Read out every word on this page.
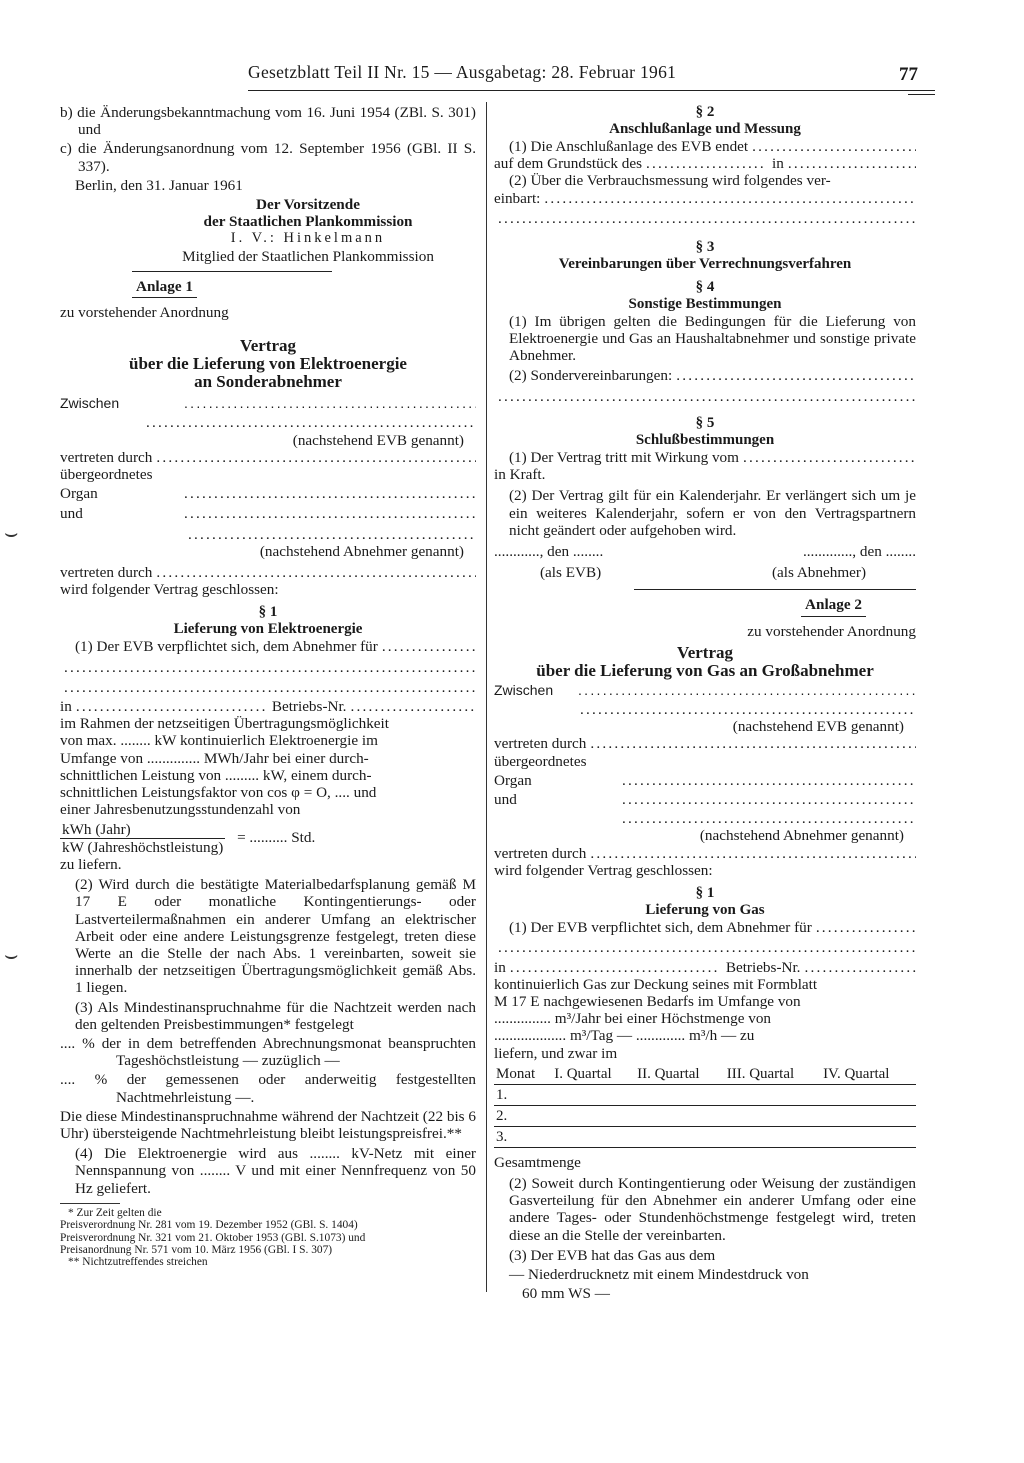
Gesetzblatt Teil II Nr. 15 — Ausgabetag: 28. Februar 1961	77
⌣
⌣
b) die Änderungsbekanntmachung vom 16. Juni 1954 (ZBl. S. 301) und
c) die Änderungsanordnung vom 12. September 1956 (GBl. II S. 337).
Berlin, den 31. Januar 1961
Der Vorsitzende
der Staatlichen Plankommission
I. V.: Hinkelmann
Mitglied der Staatlichen Plankommission
Anlage 1
zu vorstehender Anordnung
Vertrag
über die Lieferung von Elektroenergie
an Sonderabnehmer
Zwischen
. . .
. . .
(nachstehend EVB genannt)
vertreten durch
. . .
übergeordnetes
Organ
. . .
und
. . .
. . .
(nachstehend Abnehmer genannt)
vertreten durch
. . .
wird folgender Vertrag geschlossen:
§ 1
Lieferung von Elektroenergie
(1) Der EVB verpflichtet sich, dem Abnehmer für
. . .
. . .
. . .
in . . .	Betriebs-Nr.
. . .
im Rahmen der netzseitigen Übertragungsmöglichkeit
von max. ........ kW kontinuierlich Elektroenergie im
Umfange von .............. MWh/Jahr bei einer durch-
schnittlichen Leistung von ......... kW, einem durch-
schnittlichen Leistungsfaktor von cos φ = O, .... und
einer Jahresbenutzungsstundenzahl von
$\frac{\text{kWh (Jahr)}}{\text{kW (Jahreshöchstleistung)}}$ = .......... Std.
zu liefern.
(2) Wird durch die bestätigte Materialbedarfsplanung gemäß M 17 E oder monatliche Kontingentierungs- oder Lastverteilermaßnahmen ein anderer Umfang an elektrischer Arbeit oder eine andere Leistungsgrenze festgelegt, treten diese Werte an die Stelle der nach Abs. 1 vereinbarten, soweit sie innerhalb der netzseitigen Übertragungsmöglichkeit gemäß Abs. 1 liegen.
(3) Als Mindestinanspruchnahme für die Nachtzeit werden nach den geltenden Preisbestimmungen* festgelegt
.... % der in dem betreffenden Abrechnungsmonat beanspruchten Tageshöchstleistung — zuzüglich —
.... % der gemessenen oder anderweitig festgestellten Nachtmehrleistung —.
Die diese Mindestinanspruchnahme während der Nachtzeit (22 bis 6 Uhr) übersteigende Nachtmehrleistung bleibt leistungspreisfrei.**
(4) Die Elektroenergie wird aus ........ kV-Netz mit einer Nennspannung von ........ V und mit einer Nennfrequenz von 50 Hz geliefert.
* Zur Zeit gelten die
Preisverordnung Nr. 281 vom 19. Dezember 1952 (GBl. S. 1404)
Preisverordnung Nr. 321 vom 21. Oktober 1953 (GBl. S.1073) und
Preisanordnung Nr. 571 vom 10. März 1956 (GBl. I S. 307)
** Nichtzutreffendes streichen
§ 2
Anschlußanlage und Messung
(1) Die Anschlußanlage des EVB endet
. . .
auf dem Grundstück des . . .	in
. . .
(2) Über die Verbrauchsmessung wird folgendes ver-
einbart:
. . .
. . .
§ 3
Vereinbarungen über Verrechnungsverfahren
§ 4
Sonstige Bestimmungen
(1) Im übrigen gelten die Bedingungen für die Lieferung von Elektroenergie und Gas an Haushaltabnehmer und sonstige private Abnehmer.
(2) Sondervereinbarungen:
. . .
. . .
§ 5
Schlußbestimmungen
(1) Der Vertrag tritt mit Wirkung vom
. . .
in Kraft.
(2) Der Vertrag gilt für ein Kalenderjahr. Er verlängert sich um je ein weiteres Kalenderjahr, sofern er von den Vertragspartnern nicht geändert oder aufgehoben wird.
............, den ........	............., den ........
(als EVB)	(als Abnehmer)
Anlage 2
zu vorstehender Anordnung
Vertrag
über die Lieferung von Gas an Großabnehmer
Zwischen
. . .
. . .
(nachstehend EVB genannt)
vertreten durch
. . .
übergeordnetes
Organ
. . .
und
. . .
. . .
(nachstehend Abnehmer genannt)
vertreten durch
. . .
wird folgender Vertrag geschlossen:
§ 1
Lieferung von Gas
(1) Der EVB verpflichtet sich, dem Abnehmer für
. . .
. . .
in . . .	Betriebs-Nr.
. . .
kontinuierlich Gas zur Deckung seines mit Formblatt
M 17 E nachgewiesenen Bedarfs im Umfange von
............... m³/Jahr bei einer Höchstmenge von
................... m³/Tag — ............. m³/h — zu
liefern, und zwar im
Monat	I. Quartal	II. Quartal	III. Quartal	IV. Quartal
1.				
2.				
3.				
Gesamtmenge
(2) Soweit durch Kontingentierung oder Weisung der zuständigen Gasverteilung für den Abnehmer ein anderer Umfang oder eine andere Tages- oder Stundenhöchstmenge festgelegt wird, treten diese an die Stelle der vereinbarten.
(3) Der EVB hat das Gas aus dem
— Niederdrucknetz mit einem Mindestdruck von
60 mm WS —
